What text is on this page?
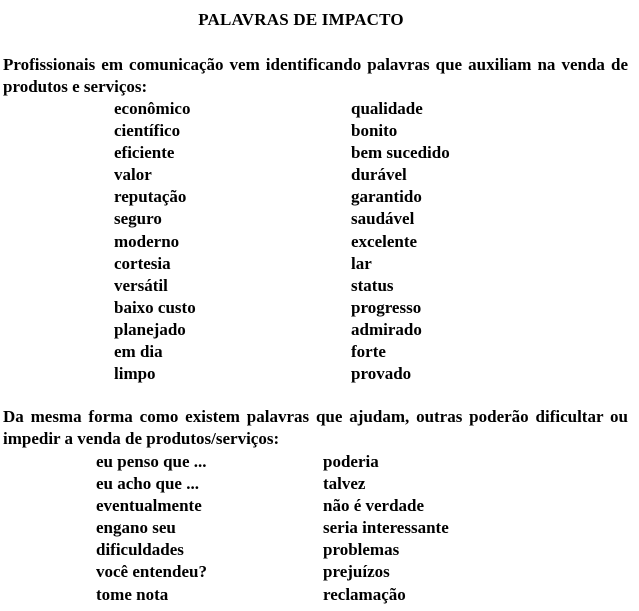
PALAVRAS DE IMPACTO

Profissionais em comunicação vem identificando palavras que auxiliam na venda de produtos e serviços:

econômico
científico
eficiente
valor
reputação
seguro
moderno
cortesia
versátil
baixo custo
planejado
em dia
limpo
qualidade
bonito
bem sucedido
durável
garantido
saudável
excelente
lar
status
progresso
admirado
forte
provado

Da mesma forma como existem palavras que ajudam, outras poderão dificultar ou impedir a venda de produtos/serviços:

eu penso que ...
eu acho que ...
eventualmente
engano seu
dificuldades
você entendeu?
tome nota
poderia
talvez
não é verdade
seria interessante
problemas
prejuízos
reclamação
